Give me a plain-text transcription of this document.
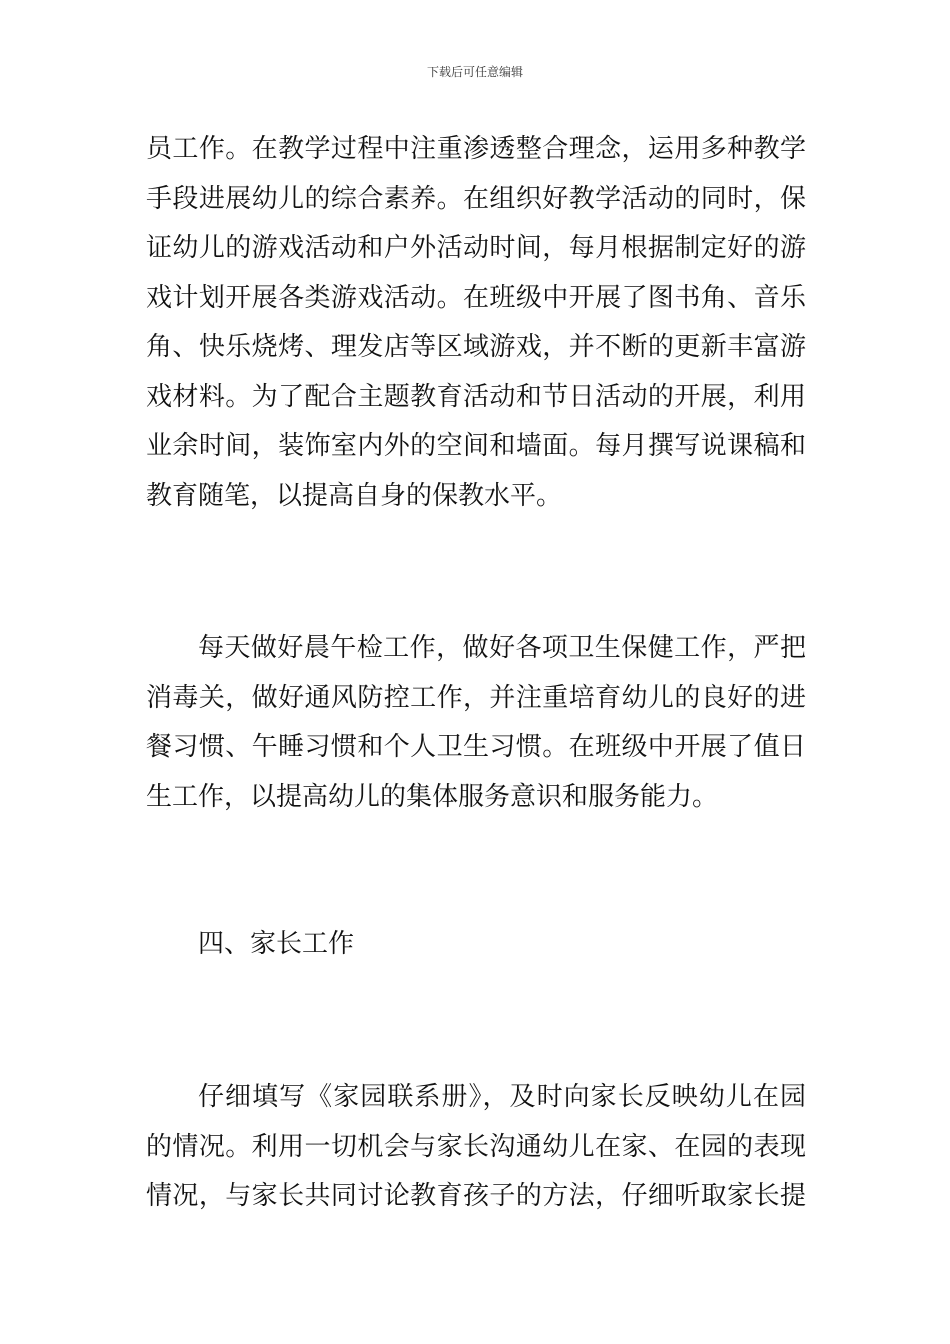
下载后可任意编辑
员工作。在教学过程中注重渗透整合理念，运用多种教学
手段进展幼儿的综合素养。在组织好教学活动的同时，保
证幼儿的游戏活动和户外活动时间，每月根据制定好的游
戏计划开展各类游戏活动。在班级中开展了图书角、音乐
角、快乐烧烤、理发店等区域游戏，并不断的更新丰富游
戏材料。为了配合主题教育活动和节日活动的开展，利用
业余时间，装饰室内外的空间和墙面。每月撰写说课稿和
教育随笔，以提高自身的保教水平。
每天做好晨午检工作，做好各项卫生保健工作，严把
消毒关，做好通风防控工作，并注重培育幼儿的良好的进
餐习惯、午睡习惯和个人卫生习惯。在班级中开展了值日
生工作，以提高幼儿的集体服务意识和服务能力。
四、家长工作
仔细填写《家园联系册》，及时向家长反映幼儿在园
的情况。利用一切机会与家长沟通幼儿在家、在园的表现
情况，与家长共同讨论教育孩子的方法，仔细听取家长提
